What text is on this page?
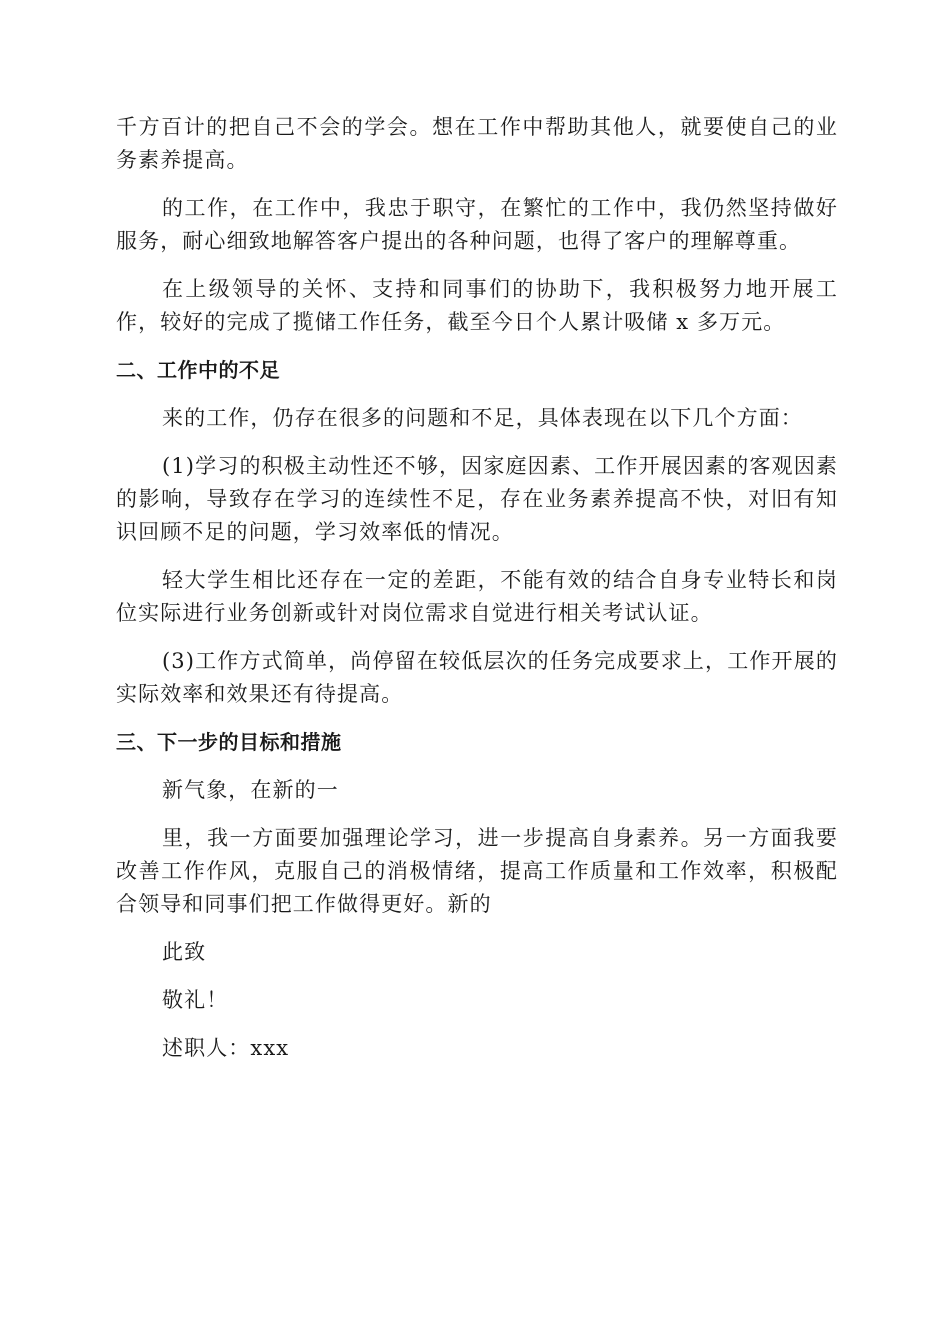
千方百计的把自己不会的学会。想在工作中帮助其他人，就要使自己的业务素养提高。

的工作，在工作中，我忠于职守，在繁忙的工作中，我仍然坚持做好服务，耐心细致地解答客户提出的各种问题，也得了客户的理解尊重。

在上级领导的关怀、支持和同事们的协助下，我积极努力地开展工作，较好的完成了揽储工作任务，截至今日个人累计吸储 x 多万元。

二、工作中的不足

来的工作，仍存在很多的问题和不足，具体表现在以下几个方面：

(1)学习的积极主动性还不够，因家庭因素、工作开展因素的客观因素的影响，导致存在学习的连续性不足，存在业务素养提高不快，对旧有知识回顾不足的问题，学习效率低的情况。

轻大学生相比还存在一定的差距，不能有效的结合自身专业特长和岗位实际进行业务创新或针对岗位需求自觉进行相关考试认证。

(3)工作方式简单，尚停留在较低层次的任务完成要求上，工作开展的实际效率和效果还有待提高。

三、下一步的目标和措施

新气象，在新的一

里，我一方面要加强理论学习，进一步提高自身素养。另一方面我要改善工作作风，克服自己的消极情绪，提高工作质量和工作效率，积极配合领导和同事们把工作做得更好。新的

此致

敬礼！

述职人：xxx
